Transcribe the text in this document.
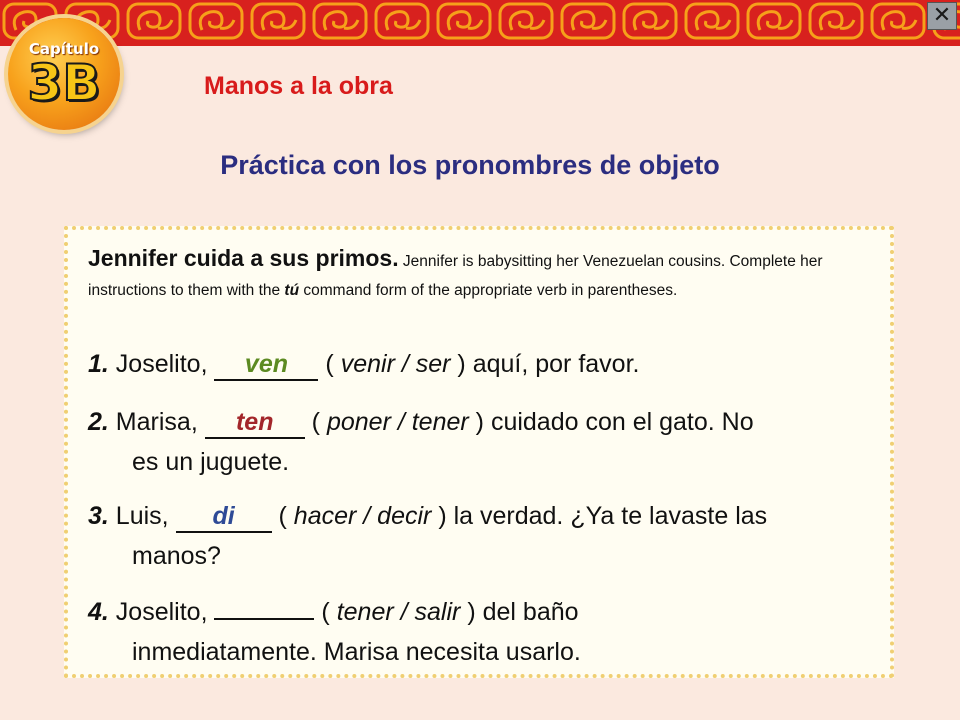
✕
Capítulo
3B	Manos a la obra
Práctica con los pronombres de objeto
Jennifer cuida a sus primos. Jennifer is babysitting her Venezuelan cousins. Complete her instructions to them with the tú command form of the appropriate verb in parentheses.
1. Joselito, ven ( venir / ser ) aquí, por favor.
2. Marisa, ten ( poner / tener ) cuidado con el gato. No
es un juguete.
3. Luis, di ( hacer / decir ) la verdad. ¿Ya te lavaste las
manos?
4. Joselito,	( tener / salir ) del baño
inmediatamente. Marisa necesita usarlo.
